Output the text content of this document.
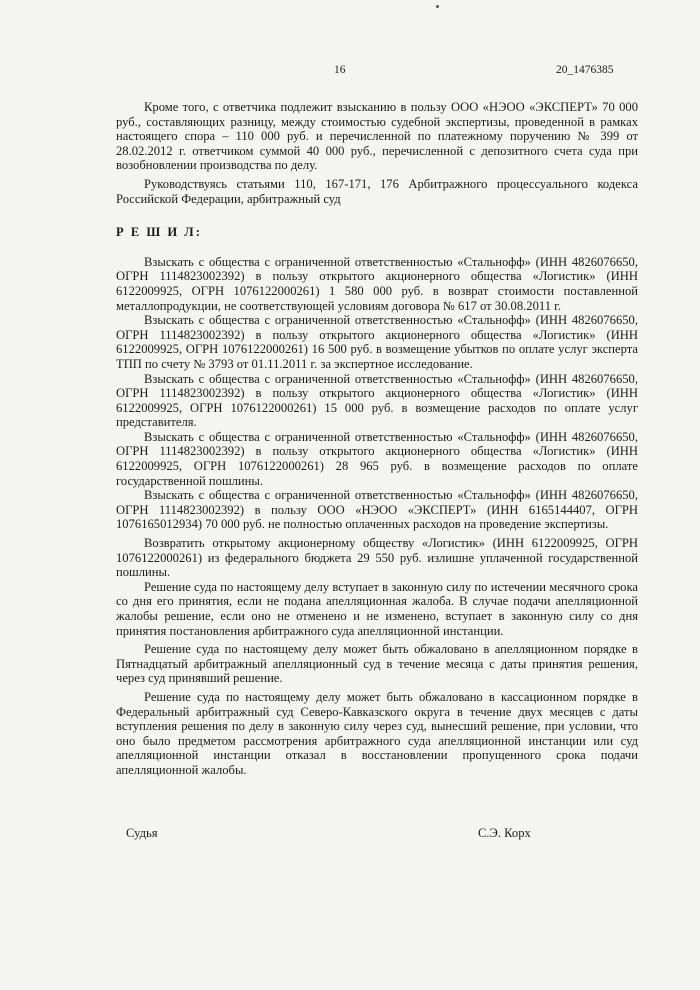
16	20_1476385

Кроме того, с ответчика подлежит взысканию в пользу ООО «НЭОО «ЭКСПЕРТ» 70 000 руб., составляющих разницу, между стоимостью судебной экспертизы, проведенной в рамках настоящего спора – 110 000 руб. и перечисленной по платежному поручению № 399 от 28.02.2012 г. ответчиком суммой 40 000 руб., перечисленной с депозитного счета суда при возобновлении производства по делу.

Руководствуясь статьями 110, 167-171, 176 Арбитражного процессуального кодекса Российской Федерации, арбитражный суд

Р Е Ш И Л:

Взыскать с общества с ограниченной ответственностью «Стальнофф» (ИНН 4826076650, ОГРН 1114823002392) в пользу открытого акционерного общества «Логистик» (ИНН 6122009925, ОГРН 1076122000261) 1 580 000 руб. в возврат стоимости поставленной металлопродукции, не соответствующей условиям договора № 617 от 30.08.2011 г.

Взыскать с общества с ограниченной ответственностью «Стальнофф» (ИНН 4826076650, ОГРН 1114823002392) в пользу открытого акционерного общества «Логистик» (ИНН 6122009925, ОГРН 1076122000261) 16 500 руб. в возмещение убытков по оплате услуг эксперта ТПП по счету № 3793 от 01.11.2011 г. за экспертное исследование.

Взыскать с общества с ограниченной ответственностью «Стальнофф» (ИНН 4826076650, ОГРН 1114823002392) в пользу открытого акционерного общества «Логистик» (ИНН 6122009925, ОГРН 1076122000261) 15 000 руб. в возмещение расходов по оплате услуг представителя.

Взыскать с общества с ограниченной ответственностью «Стальнофф» (ИНН 4826076650, ОГРН 1114823002392) в пользу открытого акционерного общества «Логистик» (ИНН 6122009925, ОГРН 1076122000261) 28 965 руб. в возмещение расходов по оплате государственной пошлины.

Взыскать с общества с ограниченной ответственностью «Стальнофф» (ИНН 4826076650, ОГРН 1114823002392) в пользу ООО «НЭОО «ЭКСПЕРТ» (ИНН 6165144407, ОГРН 1076165012934) 70 000 руб. не полностью оплаченных расходов на проведение экспертизы.

Возвратить открытому акционерному обществу «Логистик» (ИНН 6122009925, ОГРН 1076122000261) из федерального бюджета 29 550 руб. излишне уплаченной государственной пошлины.

Решение суда по настоящему делу вступает в законную силу по истечении месячного срока со дня его принятия, если не подана апелляционная жалоба. В случае подачи апелляционной жалобы решение, если оно не отменено и не изменено, вступает в законную силу со дня принятия постановления арбитражного суда апелляционной инстанции.

Решение суда по настоящему делу может быть обжаловано в апелляционном порядке в Пятнадцатый арбитражный апелляционный суд в течение месяца с даты принятия решения, через суд принявший решение.

Решение суда по настоящему делу может быть обжаловано в кассационном порядке в Федеральный арбитражный суд Северо-Кавказского округа в течение двух месяцев с даты вступления решения по делу в законную силу через суд, вынесший решение, при условии, что оно было предметом рассмотрения арбитражного суда апелляционной инстанции или суд апелляционной инстанции отказал в восстановлении пропущенного срока подачи апелляционной жалобы.

Судья	С.Э. Корх
